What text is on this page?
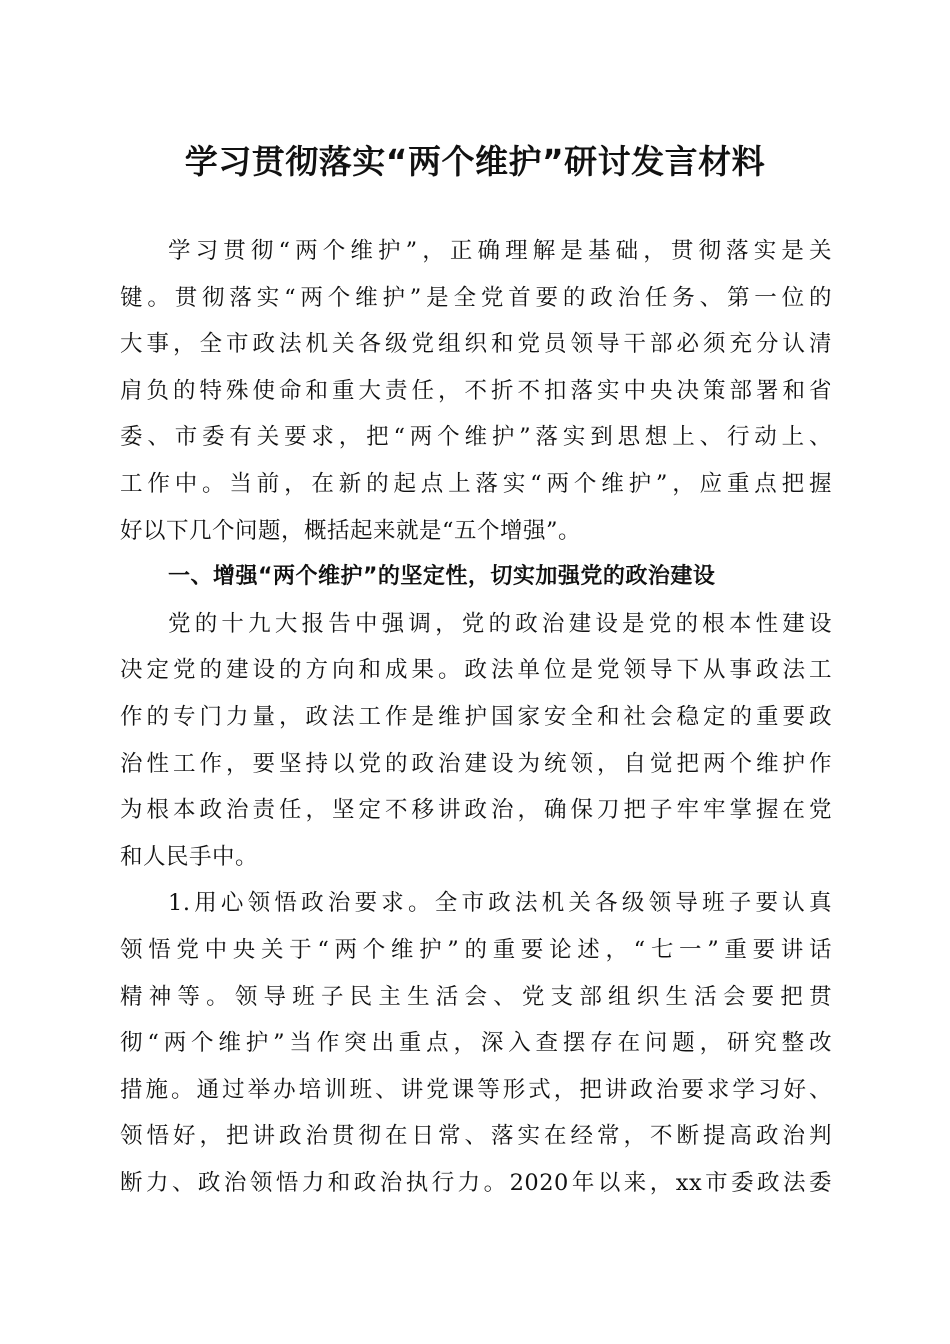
学习贯彻落实“两个维护”研讨发言材料
学习贯彻“两个维护”，正确理解是基础，贯彻落实是关
键。贯彻落实“两个维护”是全党首要的政治任务、第一位的
大事，全市政法机关各级党组织和党员领导干部必须充分认清
肩负的特殊使命和重大责任，不折不扣落实中央决策部署和省
委、市委有关要求，把“两个维护”落实到思想上、行动上、
工作中。当前，在新的起点上落实“两个维护”，应重点把握
好以下几个问题，概括起来就是“五个增强”。
一、增强“两个维护”的坚定性，切实加强党的政治建设
党的十九大报告中强调，党的政治建设是党的根本性建设
决定党的建设的方向和成果。政法单位是党领导下从事政法工
作的专门力量，政法工作是维护国家安全和社会稳定的重要政
治性工作，要坚持以党的政治建设为统领，自觉把两个维护作
为根本政治责任，坚定不移讲政治，确保刀把子牢牢掌握在党
和人民手中。
1.用心领悟政治要求。全市政法机关各级领导班子要认真
领悟党中央关于“两个维护”的重要论述，“七一”重要讲话
精神等。领导班子民主生活会、党支部组织生活会要把贯
彻“两个维护”当作突出重点，深入查摆存在问题，研究整改
措施。通过举办培训班、讲党课等形式，把讲政治要求学习好、
领悟好，把讲政治贯彻在日常、落实在经常，不断提高政治判
断力、政治领悟力和政治执行力。2020年以来，xx市委政法委
